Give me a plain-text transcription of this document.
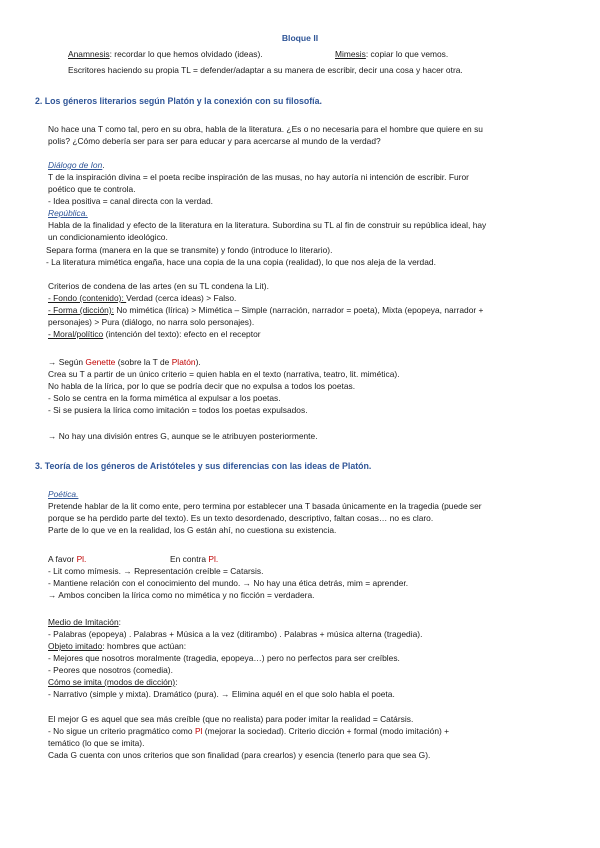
Bloque II
Anamnesis: recordar lo que hemos olvidado (ideas).	Mimesis: copiar lo que vemos.
Escritores haciendo su propia TL = defender/adaptar a su manera de escribir, decir una cosa y hacer otra.
2. Los géneros literarios según Platón y la conexión con su filosofía.
No hace una T como tal, pero en su obra, habla de la literatura. ¿Es o no necesaria para el hombre que quiere en su
polis? ¿Cómo debería ser para ser para educar y para acercarse al mundo de la verdad?
Diálogo de Ion.
T de la inspiración divina = el poeta recibe inspiración de las musas, no hay autoría ni intención de escribir. Furor
poético que te controla.
- Idea positiva = canal directa con la verdad.
República.
Habla de la finalidad y efecto de la literatura en la literatura. Subordina su TL al fin de construir su república ideal, hay
un condicionamiento ideológico.
Separa forma (manera en la que se transmite) y fondo (introduce lo literario).
- La literatura mimética engaña, hace una copia de la una copia (realidad), lo que nos aleja de la verdad.
Criterios de condena de las artes (en su TL condena la Lit).
- Fondo (contenido): Verdad (cerca ideas) > Falso.
- Forma (dicción): No mimética (lírica) > Mimética – Simple (narración, narrador = poeta), Mixta (epopeya, narrador +
personajes) > Pura (diálogo, no narra solo personajes).
- Moral/político (intención del texto): efecto en el receptor
→ Según Genette (sobre la T de Platón).
Crea su T a partir de un único criterio = quien habla en el texto (narrativa, teatro, lit. mimética).
No habla de la lírica, por lo que se podría decir que no expulsa a todos los poetas.
- Solo se centra en la forma mimética al expulsar a los poetas.
- Si se pusiera la lírica como imitación = todos los poetas expulsados.
→ No hay una división entres G, aunque se le atribuyen posteriormente.
3. Teoría de los géneros de Aristóteles y sus diferencias con las ideas de Platón.
Poética.
Pretende hablar de la lit como ente, pero termina por establecer una T basada únicamente en la tragedia (puede ser
porque se ha perdido parte del texto). Es un texto desordenado, descriptivo, faltan cosas… no es claro.
Parte de lo que ve en la realidad, los G están ahí, no cuestiona su existencia.
A favor Pl.	En contra Pl.
- Lit como mímesis. → Representación creíble = Catarsis.
- Mantiene relación con el conocimiento del mundo. → No hay una ética detrás, mim = aprender.
→ Ambos conciben la lírica como no mimética y no ficción = verdadera.
Medio de Imitación:
- Palabras (epopeya) . Palabras + Música a la vez (ditirambo) . Palabras + música alterna (tragedia).
Objeto imitado: hombres que actúan:
- Mejores que nosotros moralmente (tragedia, epopeya…) pero no perfectos para ser creíbles.
- Peores que nosotros (comedia).
Cómo se imita (modos de dicción):
- Narrativo (simple y mixta). Dramático (pura). → Elimina aquél en el que solo habla el poeta.
El mejor G es aquel que sea más creíble (que no realista) para poder imitar la realidad = Catársis.
- No sigue un criterio pragmático como Pl (mejorar la sociedad). Criterio dicción + formal (modo imitación) +
temático (lo que se imita).
Cada G cuenta con unos criterios que son finalidad (para crearlos) y esencia (tenerlo para que sea G).
